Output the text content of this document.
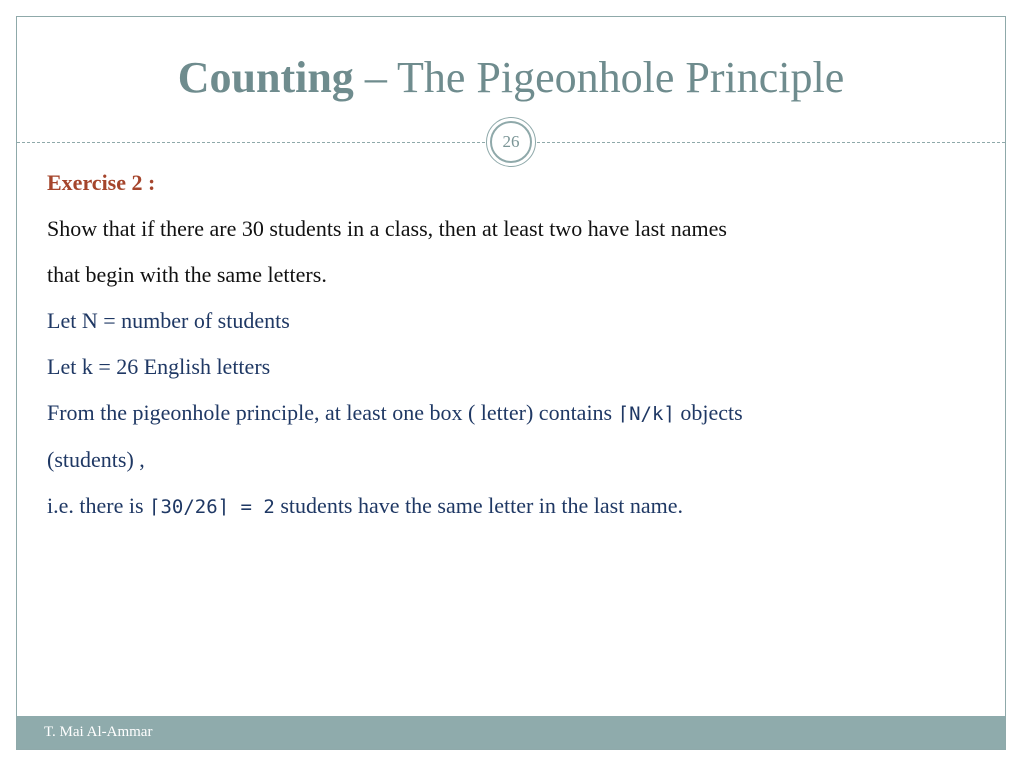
Counting – The Pigeonhole Principle
26

Exercise 2 :

Show that if there are 30 students in a class, then at least two have last names

that begin with the same letters.

Let N = number of students

Let k = 26 English letters

From the pigeonhole principle, at least one box ( letter) contains ⌈N/k⌉ objects

(students) ,

i.e. there is ⌈30/26⌉ = 2 students have the same letter in the last name.

T. Mai Al-Ammar
